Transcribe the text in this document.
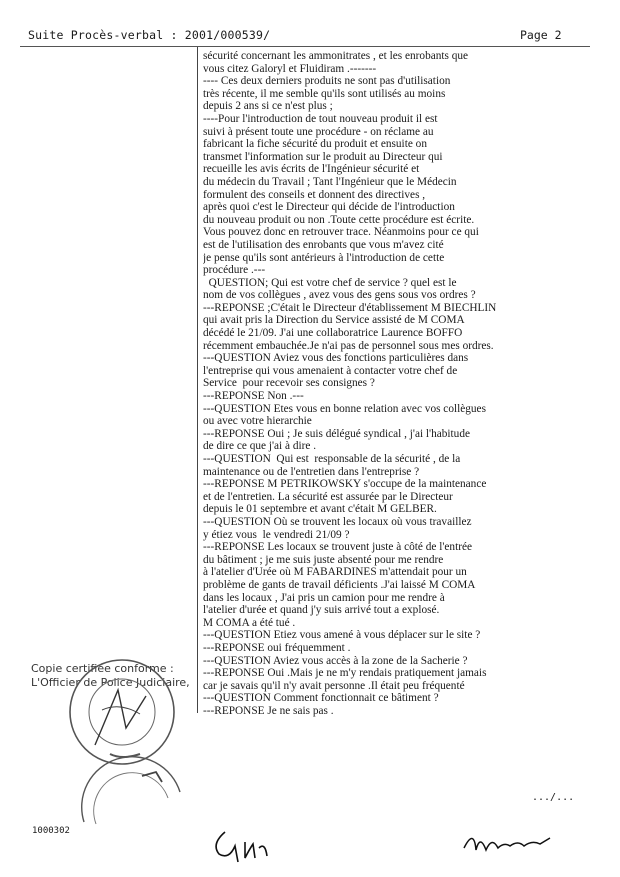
Suite Procès-verbal : 2001/000539/	Page 2
sécurité concernant les ammonitrates , et les enrobants que
vous citez Galoryl et Fluidiram .-------
---- Ces deux derniers produits ne sont pas d'utilisation
très récente, il me semble qu'ils sont utilisés au moins
depuis 2 ans si ce n'est plus ;
----Pour l'introduction de tout nouveau produit il est
suivi à présent toute une procédure - on réclame au
fabricant la fiche sécurité du produit et ensuite on
transmet l'information sur le produit au Directeur qui
recueille les avis écrits de l'Ingénieur sécurité et
du médecin du Travail ; Tant l'Ingénieur que le Médecin
formulent des conseils et donnent des directives ,
après quoi c'est le Directeur qui décide de l'introduction
du nouveau produit ou non .Toute cette procédure est écrite.
Vous pouvez donc en retrouver trace. Néanmoins pour ce qui
est de l'utilisation des enrobants que vous m'avez cité
je pense qu'ils sont antérieurs à l'introduction de cette
procédure .---
QUESTION; Qui est votre chef de service ? quel est le
nom de vos collègues , avez vous des gens sous vos ordres ?
---REPONSE ;C'était le Directeur d'établissement M BIECHLIN
qui avait pris la Direction du Service assisté de M COMA
décédé le 21/09. J'ai une collaboratrice Laurence BOFFO
récemment embauchée.Je n'ai pas de personnel sous mes ordres.
---QUESTION Aviez vous des fonctions particulières dans
l'entreprise qui vous amenaient à contacter votre chef de
Service  pour recevoir ses consignes ?
---REPONSE Non .---
---QUESTION Etes vous en bonne relation avec vos collègues
ou avec votre hierarchie
---REPONSE Oui ; Je suis délégué syndical , j'ai l'habitude
de dire ce que j'ai à dire .
---QUESTION  Qui est  responsable de la sécurité , de la
maintenance ou de l'entretien dans l'entreprise ?
---REPONSE M PETRIKOWSKY s'occupe de la maintenance
et de l'entretien. La sécurité est assurée par le Directeur
depuis le 01 septembre et avant c'était M GELBER.
---QUESTION Où se trouvent les locaux où vous travaillez
y étiez vous  le vendredi 21/09 ?
---REPONSE Les locaux se trouvent juste à côté de l'entrée
du bâtiment ; je me suis juste absenté pour me rendre
à l'atelier d'Urée où M FABARDINES m'attendait pour un
problème de gants de travail déficients .J'ai laissé M COMA
dans les locaux , J'ai pris un camion pour me rendre à
l'atelier d'urée et quand j'y suis arrivé tout a explosé.
M COMA a été tué .
---QUESTION Etiez vous amené à vous déplacer sur le site ?
---REPONSE oui fréquemment .
---QUESTION Aviez vous accès à la zone de la Sacherie ?
---REPONSE Oui .Mais je ne m'y rendais pratiquement jamais
car je savais qu'il n'y avait personne .Il était peu fréquenté
---QUESTION Comment fonctionnait ce bâtiment ?
---REPONSE Je ne sais pas .
Copie certifiée conforme :
L'Officier de Police Judiciaire,
1000302
.../...
